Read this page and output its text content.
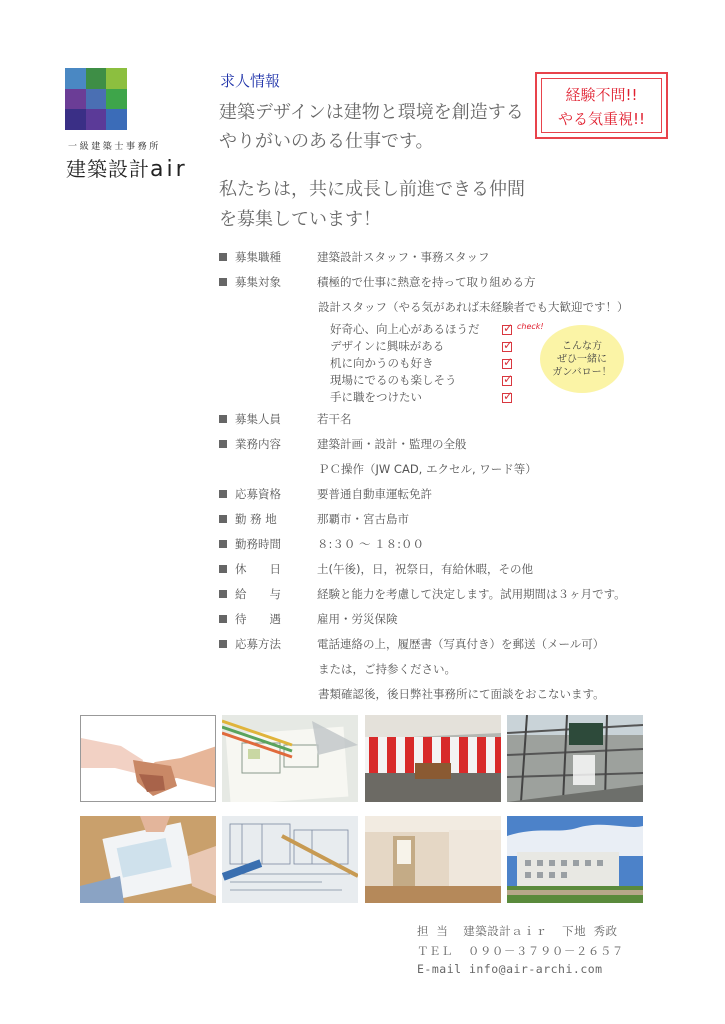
一級建築士事務所
建築設計air
求人情報
建築デザインは建物と環境を創造する
やりがいのある仕事です。
私たちは，共に成長し前進できる仲間
を募集しています！
経験不問!!
やる気重視!!
募集職種	建築設計スタッフ・事務スタッフ
募集対象	積極的で仕事に熱意を持って取り組める方
設計スタッフ（やる気があれば未経験者でも大歓迎です！）
好奇心、向上心があるほうだ
デザインに興味がある
机に向かうのも好き
現場にでるのも楽しそう
手に職をつけたい
✓
✓
✓
✓
✓
check!
こんな方
ぜひ一緒に
ガンバロー！
募集人員	若干名
業務内容	建築計画・設計・監理の全般
ＰＣ操作（JW CAD, エクセル, ワード等）
応募資格	要普通自動車運転免許
勤 務 地	那覇市・宮古島市
勤務時間	８:３０ ～ １８:００
休　　日	土(午後)，日，祝祭日，有給休暇，その他
給　　与	経験と能力を考慮して決定します。試用期間は３ヶ月です。
待　　遇	雇用・労災保険
応募方法	電話連絡の上，履歴書（写真付き）を郵送（メール可）
または，ご持参ください。
書類確認後，後日弊社事務所にて面談をおこないます。
担 当  建築設計ａｉｒ  下地 秀政
ＴＥＬ  ０９０－３７９０－２６５７
E-mail info@air-archi.com
